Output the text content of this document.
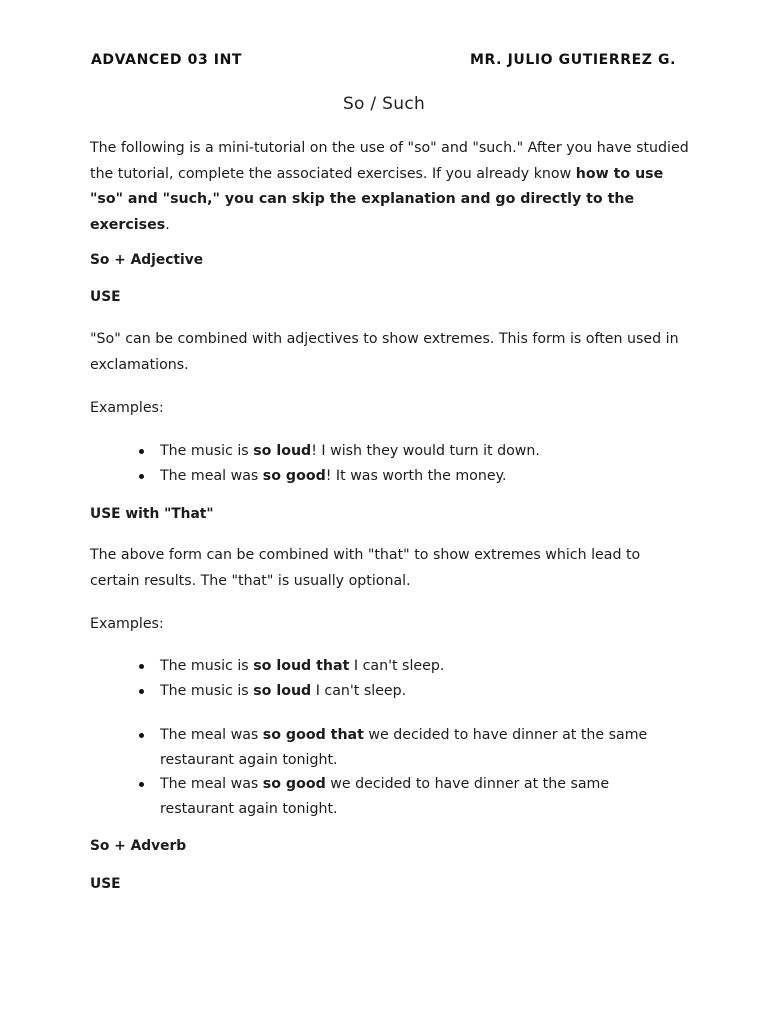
ADVANCED 03 INT	MR. JULIO GUTIERREZ G.
So / Such

The following is a mini-tutorial on the use of "so" and "such." After you have studied the tutorial, complete the associated exercises. If you already know how to use "so" and "such," you can skip the explanation and go directly to the exercises.

So + Adjective
USE
"So" can be combined with adjectives to show extremes. This form is often used in exclamations.
Examples:
The music is so loud! I wish they would turn it down.
The meal was so good! It was worth the money.
USE with "That"
The above form can be combined with "that" to show extremes which lead to certain results. The "that" is usually optional.
Examples:
The music is so loud that I can't sleep.
The music is so loud I can't sleep.
The meal was so good that we decided to have dinner at the same restaurant again tonight.
The meal was so good we decided to have dinner at the same restaurant again tonight.
So + Adverb
USE
